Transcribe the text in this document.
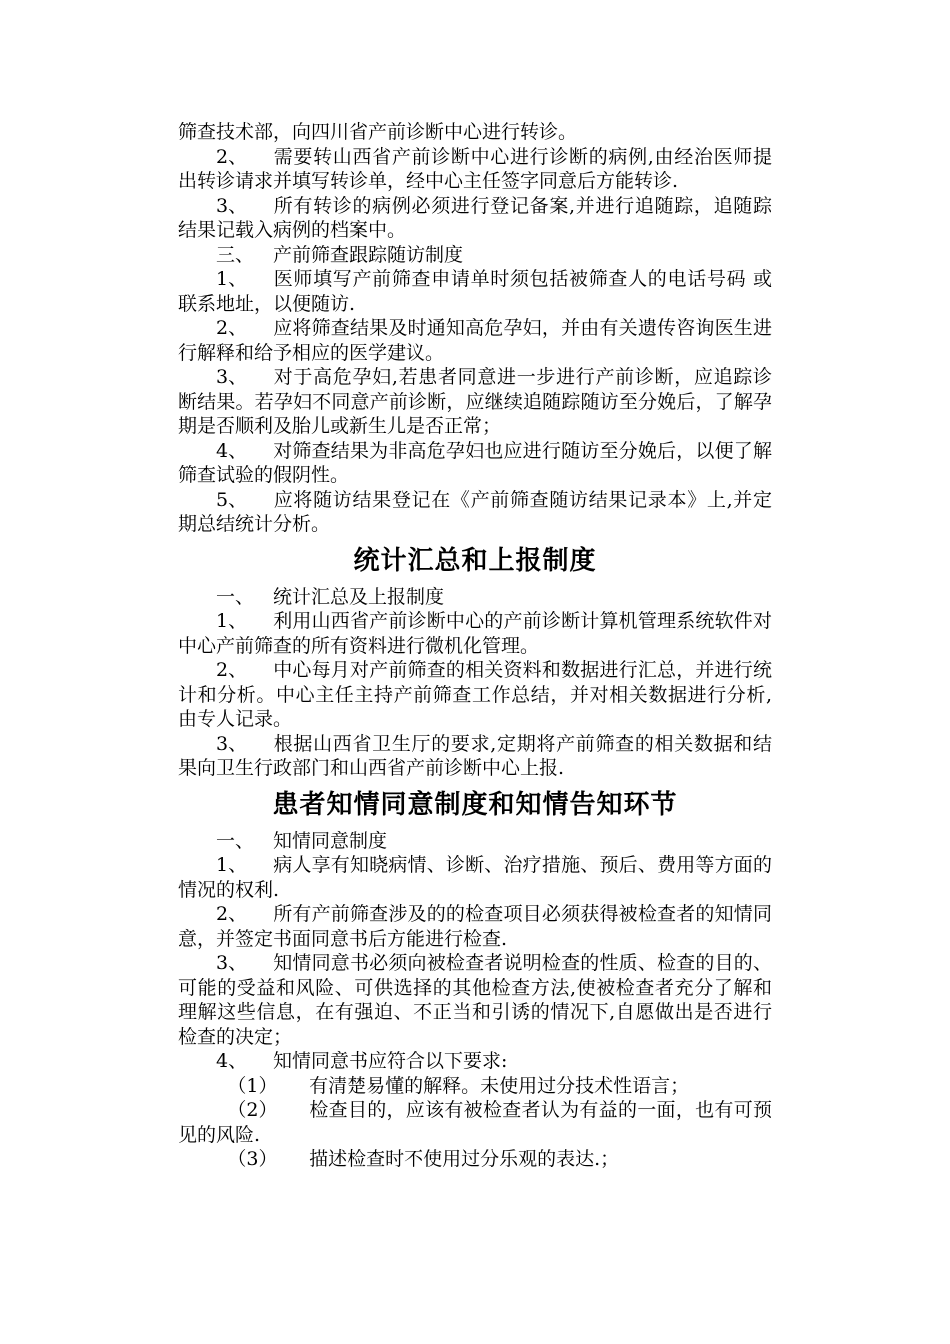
筛查技术部，向四川省产前诊断中心进行转诊。

2、 需要转山西省产前诊断中心进行诊断的病例,由经治医师提出转诊请求并填写转诊单，经中心主任签字同意后方能转诊.

3、 所有转诊的病例必须进行登记备案,并进行追随踪，追随踪结果记载入病例的档案中。

三、 产前筛查跟踪随访制度

1、 医师填写产前筛查申请单时须包括被筛查人的电话号码 或联系地址，以便随访.

2、 应将筛查结果及时通知高危孕妇，并由有关遗传咨询医生进行解释和给予相应的医学建议。

3、 对于高危孕妇,若患者同意进一步进行产前诊断，应追踪诊断结果。若孕妇不同意产前诊断，应继续追随踪随访至分娩后，了解孕期是否顺利及胎儿或新生儿是否正常；

4、 对筛查结果为非高危孕妇也应进行随访至分娩后，以便了解筛查试验的假阴性。

5、 应将随访结果登记在《产前筛查随访结果记录本》上,并定期总结统计分析。

统计汇总和上报制度

一、 统计汇总及上报制度

1、 利用山西省产前诊断中心的产前诊断计算机管理系统软件对中心产前筛查的所有资料进行微机化管理。

2、 中心每月对产前筛查的相关资料和数据进行汇总，并进行统计和分析。中心主任主持产前筛查工作总结，并对相关数据进行分析,由专人记录。

3、 根据山西省卫生厅的要求,定期将产前筛查的相关数据和结果向卫生行政部门和山西省产前诊断中心上报.

患者知情同意制度和知情告知环节

一、 知情同意制度

1、 病人享有知晓病情、诊断、治疗措施、预后、费用等方面的情况的权利.

2、 所有产前筛查涉及的的检查项目必须获得被检查者的知情同意，并签定书面同意书后方能进行检查.

3、 知情同意书必须向被检查者说明检查的性质、检查的目的、可能的受益和风险、可供选择的其他检查方法,使被检查者充分了解和理解这些信息，在有强迫、不正当和引诱的情况下,自愿做出是否进行检查的决定；

4、 知情同意书应符合以下要求:

（1） 有清楚易懂的解释。未使用过分技术性语言；

（2） 检查目的，应该有被检查者认为有益的一面，也有可预见的风险.

（3） 描述检查时不使用过分乐观的表达.；
